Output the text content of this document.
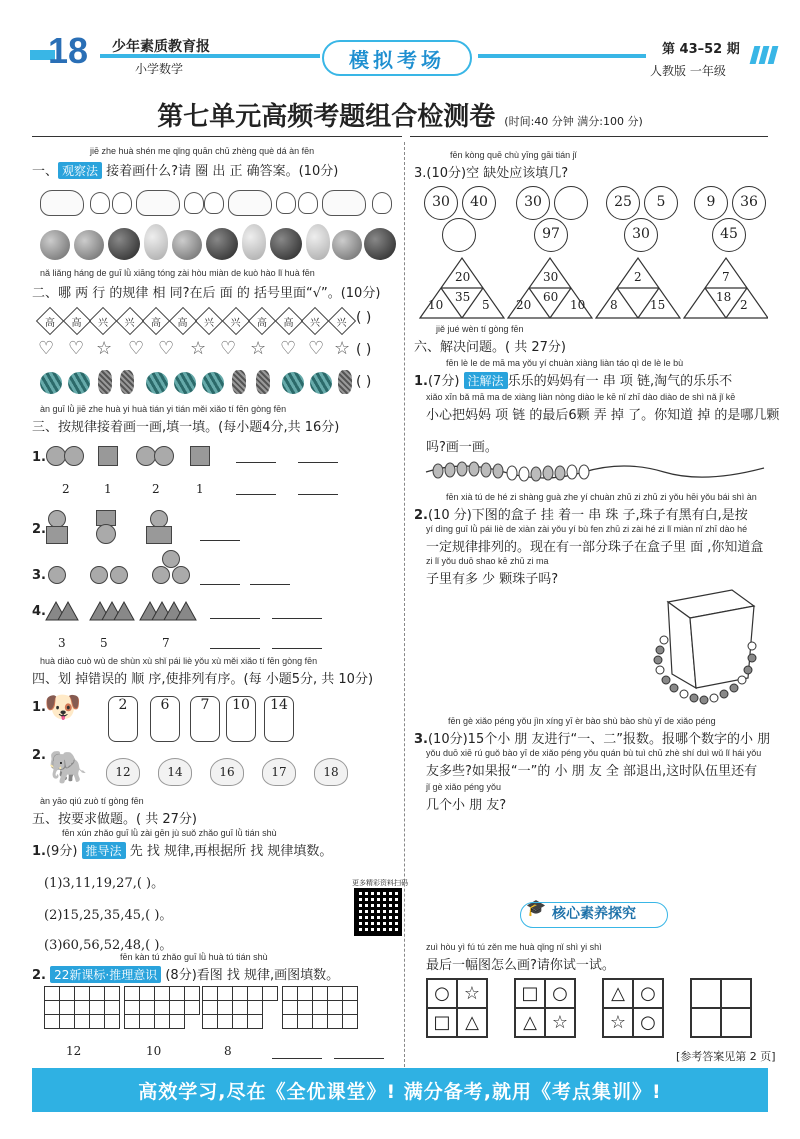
18 少年素质教育报
小学数学	模拟考场	第 43–52 期
人教版 一年级
第七单元高频考题组合检测卷 (时间:40 分钟 满分:100 分)
jiē zhe huà shén me qǐng quān chū zhèng què dá àn fēn
一、 观察法 接着画什么?请 圈 出 正 确答案。(10分)
nǎ liǎng háng de guī lǜ xiāng tóng zài hòu miàn de kuò hào lǐ huà fēn
二、哪 两 行 的规律 相 同?在后 面 的 括号里面“√”。(10分)
高	高	兴	兴	高	高	兴	兴	高	高	兴	兴 ( )
♡ ♡ ☆ ♡ ♡ ☆ ♡ ☆ ♡ ♡ ☆ ( )
( )
àn guī lǜ jiē zhe huà yi huà tián yi tián měi xiǎo tí fēn gòng fēn
三、按规律接着画一画,填一填。(每小题4分,共 16分)
1.
2	1	2	1
2.
3.
4.
3	5	7
huà diào cuò wù de shùn xù shǐ pái liè yǒu xù měi xiǎo tí fēn gòng fēn
四、划 掉错误的 顺 序,使排列有序。(每 小题5分, 共 10分)
1.
🐶	2	6	7	10	14
2. 🐘	12	14	16	17	18
àn yāo qiú zuò tí gòng fēn
五、按要求做题。( 共 27分)
fēn xún zhǎo guī lǜ zài gēn jù suǒ zhǎo guī lǜ tián shù
1.(9分) 推导法 先 找 规律,再根据所 找 规律填数。
(1)3,11,19,27,( )。
(2)15,25,35,45,( )。
(3)60,56,52,48,( )。
更多精彩资料扫码
fēn kàn tú zhǎo guī lǜ huà tú tián shù
2. 22新课标·推理意识 (8分)看图 找 规律,画图填数。

12	10	8
fēn kòng quē chù yīng gāi tián jǐ
3.(10分)空 缺处应该填几?
30	40	30
97
25	5
30
9	36
45
20
10
35
5
30
20
60
10
2
8	15
7
18
2
jiě jué wèn tí gòng fēn
六、解决问题。( 共 27分)
fēn lè le de mā ma yǒu yí chuàn xiàng liàn táo qì de lè le bù
1.(7分) 注解法 乐乐的妈妈有一 串 项 链,淘气的乐乐不
xiǎo xīn bǎ mā ma de xiàng liàn nòng diào le kē nǐ zhī dào diào de shì nǎ jǐ kē
小心把妈妈 项 链 的最后6颗 弄 掉 了。你知道 掉 的是哪几颗
吗?画一画。
fēn xià tú de hé zi shàng guà zhe yí chuàn zhū zi zhū zi yǒu hēi yǒu bái shì àn
2.(10 分)下图的盒子 挂 着一 串 珠 子,珠子有黑有白,是按
yí dìng guī lǜ pái liè de xiàn zài yǒu yí bù fen zhū zi zài hé zi lǐ miàn nǐ zhī dào hé
一定规律排列的。现在有一部分珠子在盒子里 面 ,你知道盒
zi lǐ yǒu duō shao kē zhū zi ma
子里有多 少 颗珠子吗?
fēn gè xiǎo péng yǒu jìn xíng yī èr bào shù bào shù yī de xiǎo péng
3.(10分)15个小 朋 友进行“一、二”报数。报哪个数字的小 朋
yǒu duō xiē rú guǒ bào yī de xiǎo péng yǒu quán bù tuì chū zhè shí duì wǔ lǐ hái yǒu
友多些?如果报“一”的 小 朋 友 全 部退出,这时队伍里还有
jǐ gè xiǎo péng yǒu
几个小 朋 友?
🎓 核心素养探究
zuì hòu yì fú tú zěn me huà qǐng nǐ shì yi shì
最后一幅图怎么画?请你试一试。
○ ☆
□ △
□ ○
△ ☆
△ ○
☆ ○
[参考答案见第 2 页]
高效学习,尽在《全优课堂》! 满分备考,就用《考点集训》!
